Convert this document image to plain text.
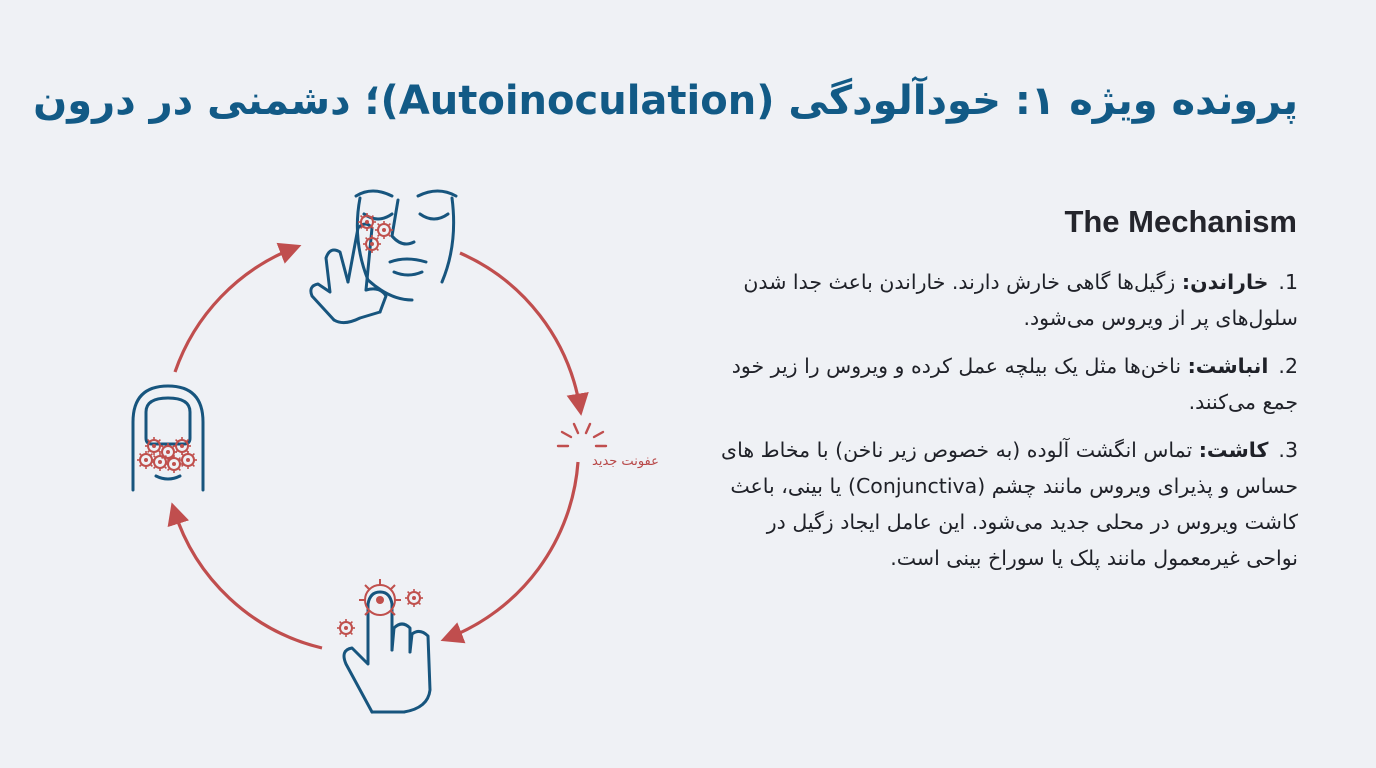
پرونده ویژه ۱: خودآلودگی (Autoinoculation)؛ دشمنی در درون
The Mechanism
1.خاراندن: زگیل‌ها گاهی خارش دارند. خاراندن باعث جدا شدن سلول‌های پر از ویروس می‌شود.
2.انباشت: ناخن‌ها مثل یک بیلچه عمل کرده و ویروس را زیر خود جمع می‌کنند.
3.کاشت: تماس انگشت آلوده (به خصوص زیر ناخن) با مخاط های حساس و پذیرای ویروس مانند چشم (Conjunctiva) یا بینی، باعث کاشت ویروس در محلی جدید می‌شود. این عامل ایجاد زگیل در نواحی غیرمعمول مانند پلک یا سوراخ بینی است.
عفونت جدید
